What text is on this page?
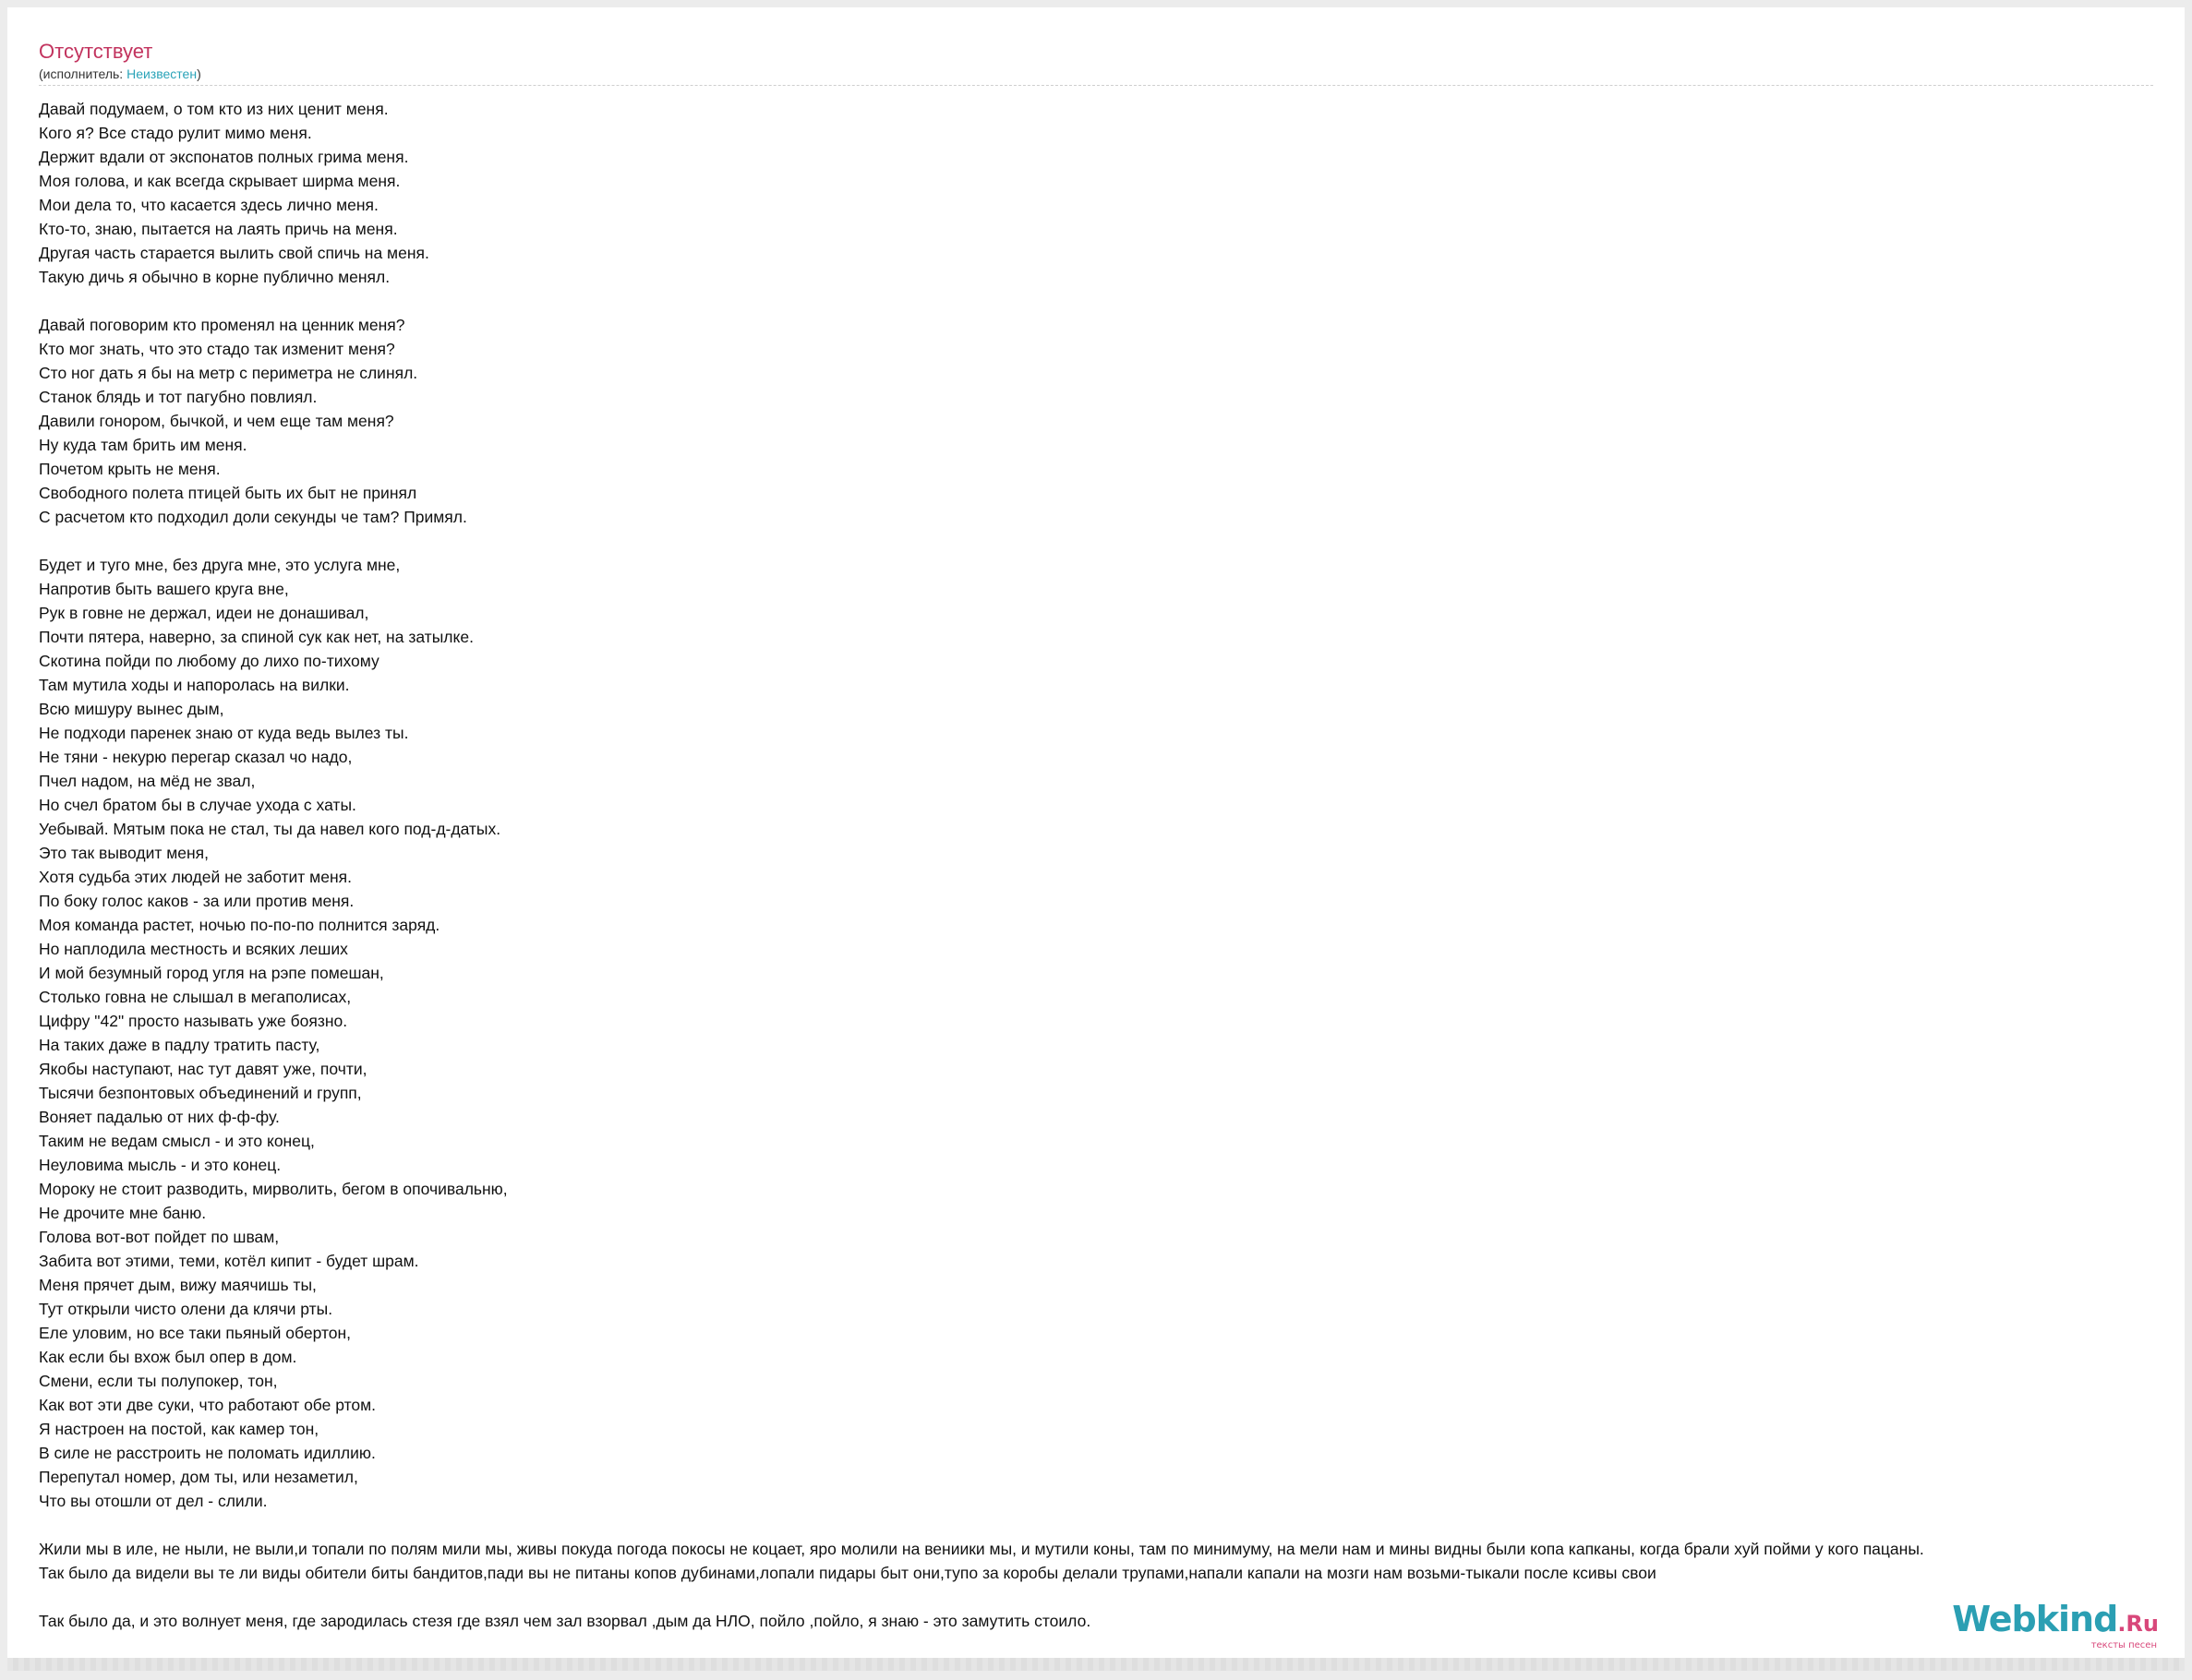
Отсутствует
(исполнитель: Неизвестен)
Давай подумаем, о том кто из них ценит меня.
Кого я? Все стадо рулит мимо меня.
Держит вдали от экспонатов полных грима меня.
Моя голова, и как всегда скрывает ширма меня.
Мои дела то, что касается здесь лично меня.
Кто-то, знаю, пытается на лаять причь на меня.
Другая часть старается вылить свой спичь на меня.
Такую дичь я обычно в корне публично менял.
Давай поговорим кто променял на ценник меня?
Кто мог знать, что это стадо так изменит меня?
Сто ног дать я бы на метр с периметра не слинял.
Станок блядь и тот пагубно повлиял.
Давили гонором, бычкой, и чем еще там меня?
Ну куда там брить им меня.
Почетом крыть не меня.
Свободного полета птицей быть их быт не принял
С расчетом кто подходил доли секунды че там? Примял.
Будет и туго мне, без друга мне, это услуга мне,
Напротив быть вашего круга вне,
Рук в говне не держал, идеи не донашивал,
Почти пятера, наверно, за спиной сук как нет, на затылке.
Скотина пойди по любому до лихо по-тихому
Там мутила ходы и напоролась на вилки.
Всю мишуру вынес дым,
Не подходи паренек знаю от куда ведь вылез ты.
Не тяни - некурю перегар сказал чо надо,
Пчел надом, на мёд не звал,
Но счел братом бы в случае ухода с хаты.
Уебывай. Мятым пока не стал, ты да навел кого под-д-датых.
Это так выводит меня,
Хотя судьба этих людей не заботит меня.
По боку голос каков - за или против меня.
Моя команда растет, ночью по-по-по полнится заряд.
Но наплодила местность и всяких леших
И мой безумный город угля на рэпе помешан,
Столько говна не слышал в мегаполисах,
Цифру "42" просто называть уже боязно.
На таких даже в падлу тратить пасту,
Якобы наступают, нас тут давят уже, почти,
Тысячи безпонтовых объединений и групп,
Воняет падалью от них ф-ф-фу.
Таким не ведам смысл - и это конец,
Неуловима мысль - и это конец.
Мороку не стоит разводить, мирволить, бегом в опочивальню,
Не дрочите мне баню.
Голова вот-вот пойдет по швам,
Забита вот этими, теми, котёл кипит - будет шрам.
Меня прячет дым, вижу маячишь ты,
Тут открыли чисто олени да клячи рты.
Еле уловим, но все таки пьяный обертон,
Как если бы вхож был опер в дом.
Смени, если ты полупокер, тон,
Как вот эти две суки, что работают обе ртом.
Я настроен на постой, как камер тон,
В силе не расстроить не поломать идиллию.
Перепутал номер, дом ты, или незаметил,
Что вы отошли от дел - слили.
Жили мы в иле, не ныли, не выли,и топали по полям мили мы, живы покуда погода покосы не коцает, яро молили на вениики мы, и мутили коны, там по минимуму, на мели нам и мины видны были копа капканы, когда брали хуй пойми у кого пацаны.
Так было да видели вы те ли виды обители биты бандитов,пади вы не питаны копов дубинами,лопали пидары быт они,тупо за коробы делали трупами,напали капали на мозги нам возьми-тыкали после ксивы свои
Так было да, и это волнует меня, где зародилась стезя где взял чем зал взорвал ,дым да НЛО, пойло ,пойло, я знаю - это замутить стоило.	Webkind.Ru
тексты песен
